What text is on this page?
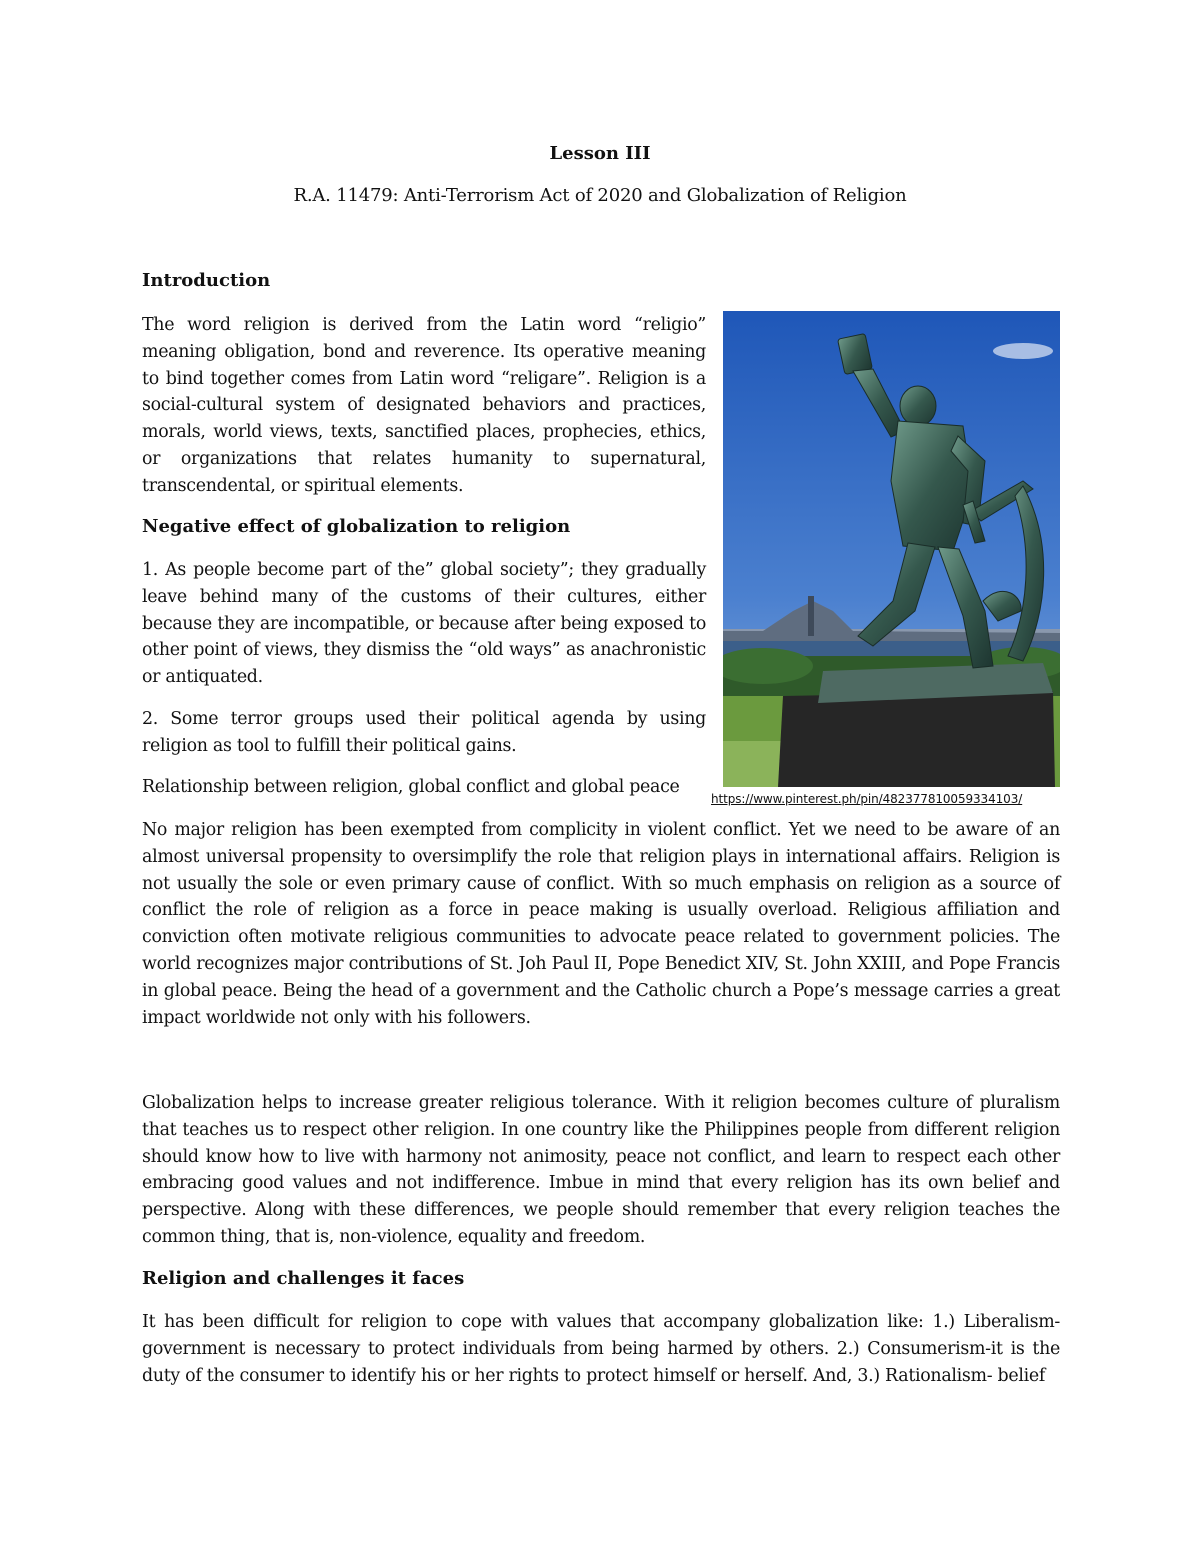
Lesson III
R.A. 11479: Anti-Terrorism Act of 2020 and Globalization of Religion
Introduction

The word religion is derived from the Latin word “religio” meaning obligation, bond and reverence. Its operative meaning to bind together comes from Latin word “religare”. Religion is a social-cultural system of designated behaviors and practices, morals, world views, texts, sanctified places, prophecies, ethics, or organizations that relates humanity to supernatural, transcendental, or spiritual elements.

Negative effect of globalization to religion

1. As people become part of the” global society”; they gradually leave behind many of the customs of their cultures, either because they are incompatible, or because after being exposed to other point of views, they dismiss the “old ways” as anachronistic or antiquated.

2. Some terror groups used their political agenda by using religion as tool to fulfill their political gains.

Relationship between religion, global conflict and global peace
https://www.pinterest.ph/pin/482377810059334103/

No major religion has been exempted from complicity in violent conflict. Yet we need to be aware of an almost universal propensity to oversimplify the role that religion plays in international affairs. Religion is not usually the sole or even primary cause of conflict. With so much emphasis on religion as a source of conflict the role of religion as a force in peace making is usually overload. Religious affiliation and conviction often motivate religious communities to advocate peace related to government policies. The world recognizes major contributions of St. Joh Paul II, Pope Benedict XIV, St. John XXIII, and Pope Francis in global peace. Being the head of a government and the Catholic church a Pope’s message carries a great impact worldwide not only with his followers.

Globalization helps to increase greater religious tolerance. With it religion becomes culture of pluralism that teaches us to respect other religion. In one country like the Philippines people from different religion should know how to live with harmony not animosity, peace not conflict, and learn to respect each other embracing good values and not indifference. Imbue in mind that every religion has its own belief and perspective. Along with these differences, we people should remember that every religion teaches the common thing, that is, non-violence, equality and freedom.

Religion and challenges it faces

It has been difficult for religion to cope with values that accompany globalization like: 1.) Liberalism-government is necessary to protect individuals from being harmed by others. 2.) Consumerism-it is the duty of the consumer to identify his or her rights to protect himself or herself. And, 3.) Rationalism- belief
